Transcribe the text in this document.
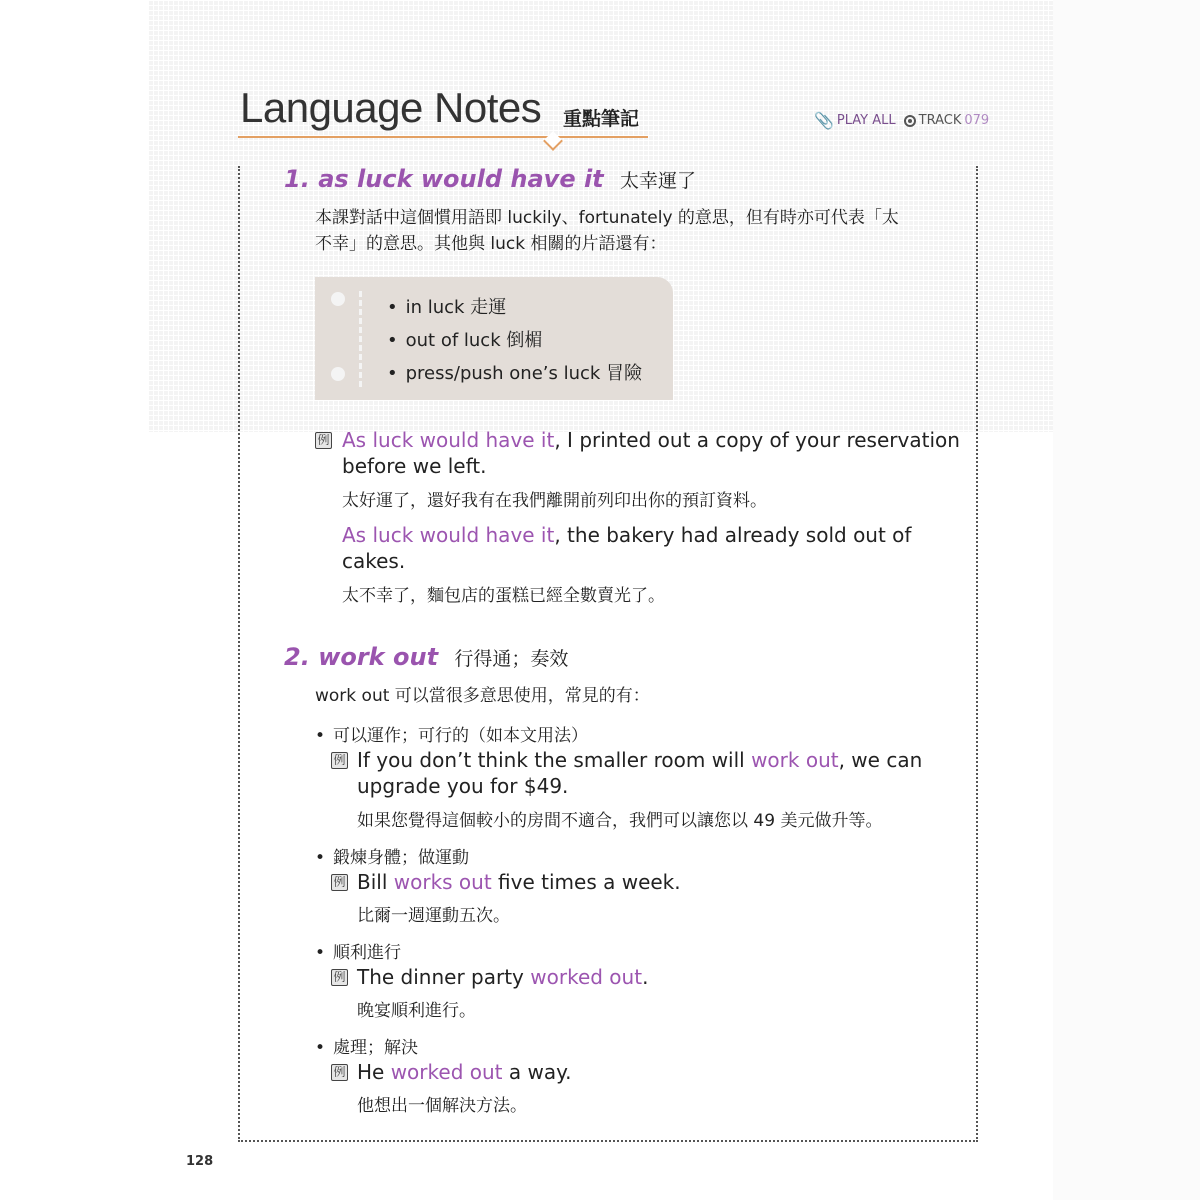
Language Notes 重點筆記	📎 PLAY ALL TRACK 079
1. as luck would have it 太幸運了
本課對話中這個慣用語即 luckily、fortunately 的意思，但有時亦可代表「太
不幸」的意思。其他與 luck 相關的片語還有：
• in luck 走運
• out of luck 倒楣
• press/push one’s luck 冒險
例 As luck would have it, I printed out a copy of your reservation
before we left.
太好運了，還好我有在我們離開前列印出你的預訂資料。
As luck would have it, the bakery had already sold out of
cakes.
太不幸了，麵包店的蛋糕已經全數賣光了。
2. work out 行得通；奏效
work out 可以當很多意思使用，常見的有：
• 可以運作；可行的（如本文用法）
例 If you don’t think the smaller room will work out, we can
upgrade you for $49.
如果您覺得這個較小的房間不適合，我們可以讓您以 49 美元做升等。
• 鍛煉身體；做運動
例 Bill works out five times a week.
比爾一週運動五次。
• 順利進行
例 The dinner party worked out.
晚宴順利進行。
• 處理；解決
例 He worked out a way.
他想出一個解決方法。
128
